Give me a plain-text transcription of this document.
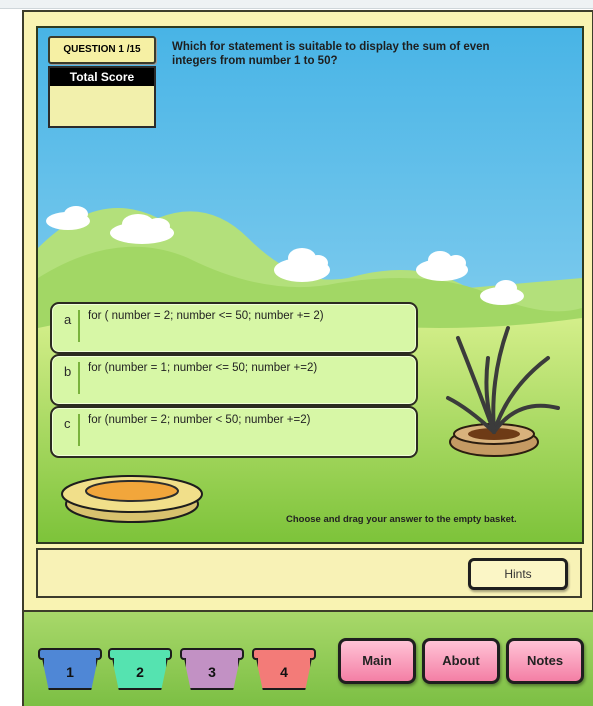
QUESTION 1 /15
Total Score
Which for statement is suitable to display the sum of even integers from number 1 to 50?
a for ( number = 2; number <= 50; number += 2)
b for (number = 1; number <= 50; number +=2)
c for (number = 2; number < 50; number +=2)
Choose and drag your answer to the empty basket.
Hints
1	2	3	4
Main	About	Notes
